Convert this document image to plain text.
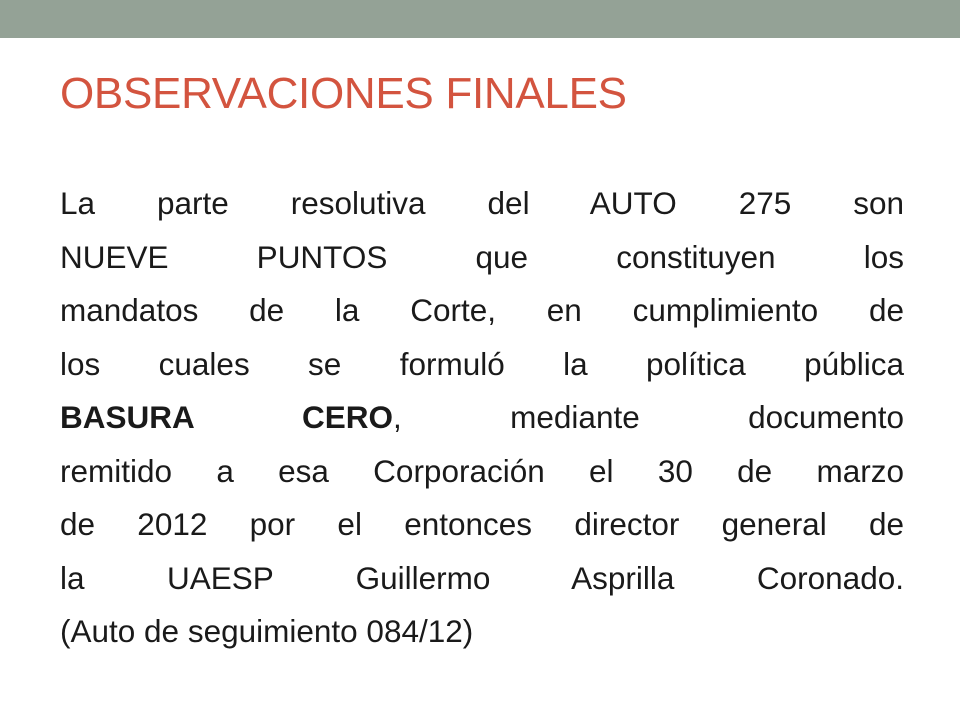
OBSERVACIONES FINALES
La parte resolutiva del AUTO 275 son
NUEVE PUNTOS que constituyen los
mandatos de la Corte, en cumplimiento de
los cuales se formuló la política pública
BASURA CERO, mediante documento
remitido a esa Corporación el 30 de marzo
de 2012 por el entonces director general de
la UAESP Guillermo Asprilla Coronado.
(Auto de seguimiento 084/12)
